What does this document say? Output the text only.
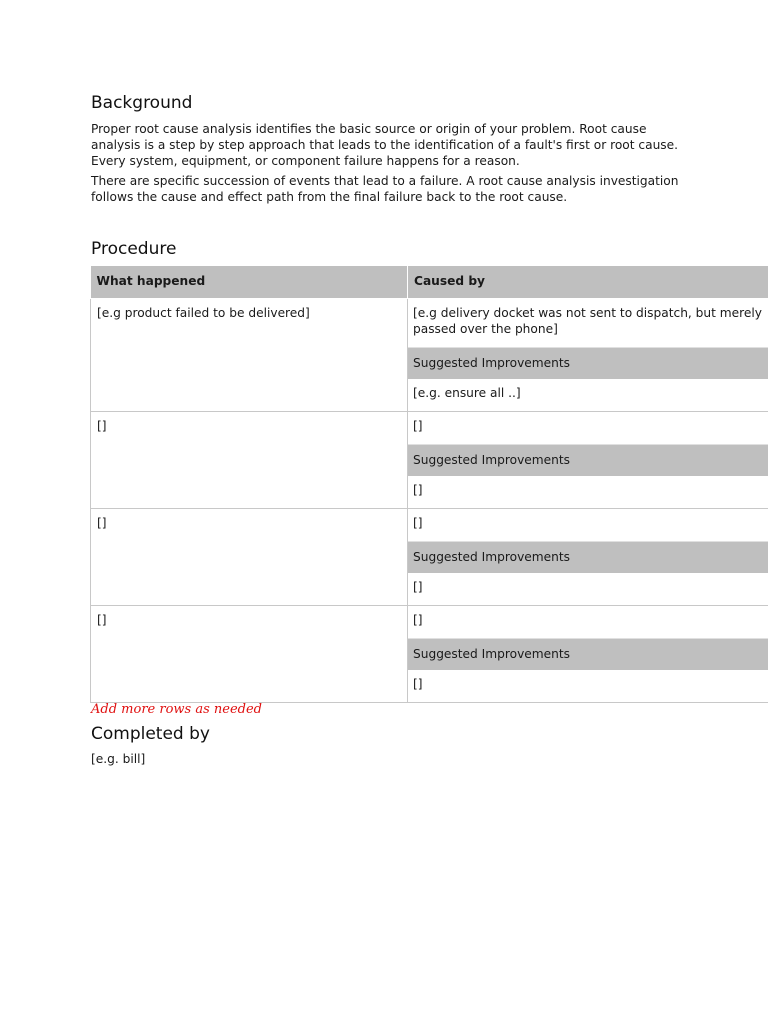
Background

Proper root cause analysis identifies the basic source or origin of your problem. Root cause analysis is a step by step approach that leads to the identification of a fault's first or root cause. Every system, equipment, or component failure happens for a reason.

There are specific succession of events that lead to a failure. A root cause analysis investigation follows the cause and effect path from the final failure back to the root cause.

Procedure
What happened	Caused by
[e.g product failed to be delivered]	[e.g delivery docket was not sent to dispatch, but merely passed over the phone]
Suggested Improvements
[e.g. ensure all ..]

[]	[]
Suggested Improvements
[]

[]	[]
Suggested Improvements
[]

[]	[]
Suggested Improvements
[]
Add more rows as needed
Completed by

[e.g. bill]
